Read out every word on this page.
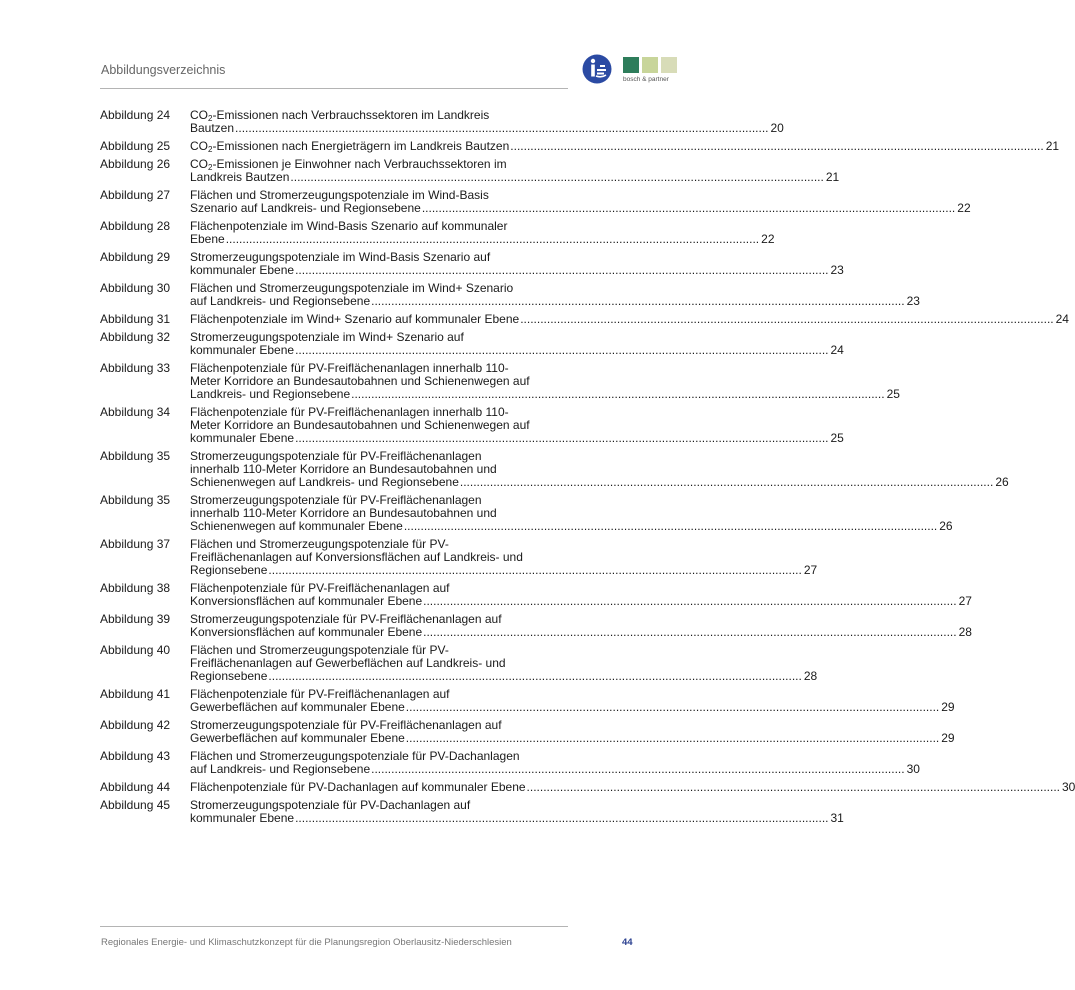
Abbildungsverzeichnis
bosch & partner
Abbildung 24	$CO_2$-Emissionen nach Verbrauchssektoren im Landkreis
Bautzen .....	20
Abbildung 25	$CO_2$-Emissionen nach Energieträgern im Landkreis Bautzen .....	21
Abbildung 26	$CO_2$-Emissionen je Einwohner nach Verbrauchssektoren im
Landkreis Bautzen .....	21
Abbildung 27	Flächen und Stromerzeugungspotenziale im Wind-Basis
Szenario auf Landkreis- und Regionsebene .....	22
Abbildung 28	Flächenpotenziale im Wind-Basis Szenario auf kommunaler
Ebene .....	22
Abbildung 29	Stromerzeugungspotenziale im Wind-Basis Szenario auf
kommunaler Ebene .....	23
Abbildung 30	Flächen und Stromerzeugungspotenziale im Wind+ Szenario
auf Landkreis- und Regionsebene .....	23
Abbildung 31	Flächenpotenziale im Wind+ Szenario auf kommunaler Ebene .....	24
Abbildung 32	Stromerzeugungspotenziale im Wind+ Szenario auf
kommunaler Ebene .....	24
Abbildung 33	Flächenpotenziale für PV-Freiflächenanlagen innerhalb 110-
Meter Korridore an Bundesautobahnen und Schienenwegen auf
Landkreis- und Regionsebene .....	25
Abbildung 34	Flächenpotenziale für PV-Freiflächenanlagen innerhalb 110-
Meter Korridore an Bundesautobahnen und Schienenwegen auf
kommunaler Ebene .....	25
Abbildung 35	Stromerzeugungspotenziale für PV-Freiflächenanlagen
innerhalb 110-Meter Korridore an Bundesautobahnen und
Schienenwegen auf Landkreis- und Regionsebene .....	26
Abbildung 35	Stromerzeugungspotenziale für PV-Freiflächenanlagen
innerhalb 110-Meter Korridore an Bundesautobahnen und
Schienenwegen auf kommunaler Ebene .....	26
Abbildung 37	Flächen und Stromerzeugungspotenziale für PV-
Freiflächenanlagen auf Konversionsflächen auf Landkreis- und
Regionsebene .....	27
Abbildung 38	Flächenpotenziale für PV-Freiflächenanlagen auf
Konversionsflächen auf kommunaler Ebene .....	27
Abbildung 39	Stromerzeugungspotenziale für PV-Freiflächenanlagen auf
Konversionsflächen auf kommunaler Ebene .....	28
Abbildung 40	Flächen und Stromerzeugungspotenziale für PV-
Freiflächenanlagen auf Gewerbeflächen auf Landkreis- und
Regionsebene .....	28
Abbildung 41	Flächenpotenziale für PV-Freiflächenanlagen auf
Gewerbeflächen auf kommunaler Ebene .....	29
Abbildung 42	Stromerzeugungspotenziale für PV-Freiflächenanlagen auf
Gewerbeflächen auf kommunaler Ebene .....	29
Abbildung 43	Flächen und Stromerzeugungspotenziale für PV-Dachanlagen
auf Landkreis- und Regionsebene .....	30
Abbildung 44	Flächenpotenziale für PV-Dachanlagen auf kommunaler Ebene .....	30
Abbildung 45	Stromerzeugungspotenziale für PV-Dachanlagen auf
kommunaler Ebene .....	31
Regionales Energie- und Klimaschutzkonzept für die Planungsregion Oberlausitz-Niederschlesien	44
